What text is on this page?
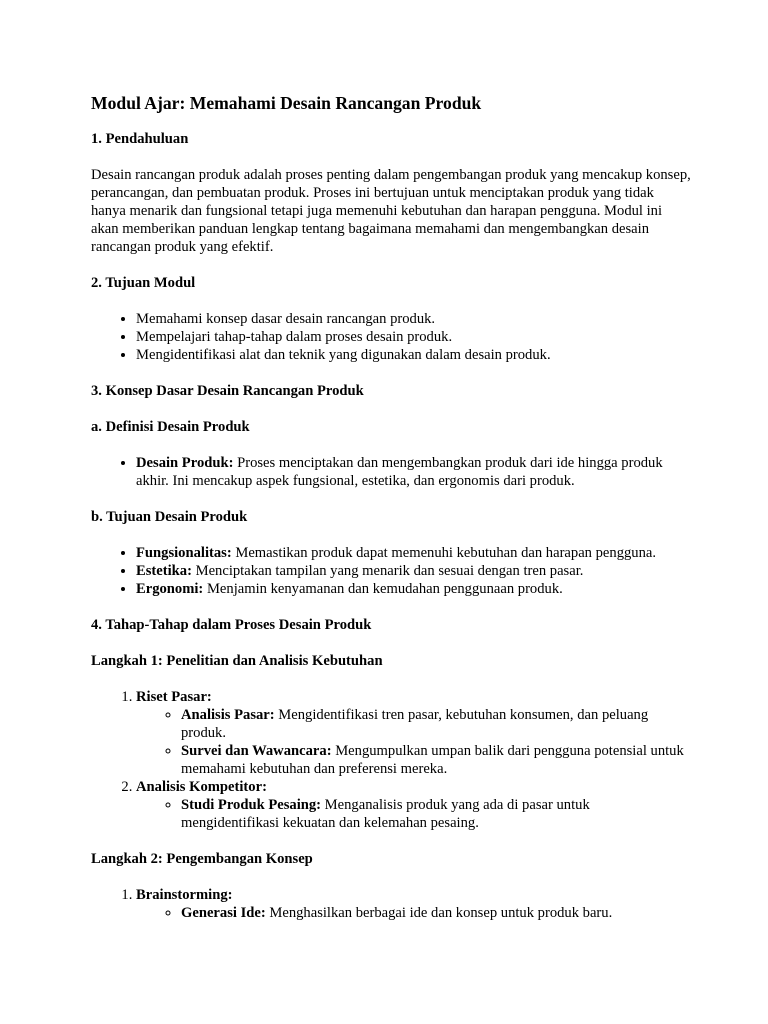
Modul Ajar: Memahami Desain Rancangan Produk
1. Pendahuluan

Desain rancangan produk adalah proses penting dalam pengembangan produk yang mencakup konsep, perancangan, dan pembuatan produk. Proses ini bertujuan untuk menciptakan produk yang tidak hanya menarik dan fungsional tetapi juga memenuhi kebutuhan dan harapan pengguna. Modul ini akan memberikan panduan lengkap tentang bagaimana memahami dan mengembangkan desain rancangan produk yang efektif.

2. Tujuan Modul
• Memahami konsep dasar desain rancangan produk.
• Mempelajari tahap-tahap dalam proses desain produk.
• Mengidentifikasi alat dan teknik yang digunakan dalam desain produk.
3. Konsep Dasar Desain Rancangan Produk
a. Definisi Desain Produk
• Desain Produk: Proses menciptakan dan mengembangkan produk dari ide hingga produk akhir. Ini mencakup aspek fungsional, estetika, dan ergonomis dari produk.
b. Tujuan Desain Produk
• Fungsionalitas: Memastikan produk dapat memenuhi kebutuhan dan harapan pengguna.
• Estetika: Menciptakan tampilan yang menarik dan sesuai dengan tren pasar.
• Ergonomi: Menjamin kenyamanan dan kemudahan penggunaan produk.
4. Tahap-Tahap dalam Proses Desain Produk
Langkah 1: Penelitian dan Analisis Kebutuhan
1. Riset Pasar:
◦ Analisis Pasar: Mengidentifikasi tren pasar, kebutuhan konsumen, dan peluang produk.
◦ Survei dan Wawancara: Mengumpulkan umpan balik dari pengguna potensial untuk memahami kebutuhan dan preferensi mereka.
2. Analisis Kompetitor:
◦ Studi Produk Pesaing: Menganalisis produk yang ada di pasar untuk mengidentifikasi kekuatan dan kelemahan pesaing.
Langkah 2: Pengembangan Konsep
1. Brainstorming:
◦ Generasi Ide: Menghasilkan berbagai ide dan konsep untuk produk baru.
